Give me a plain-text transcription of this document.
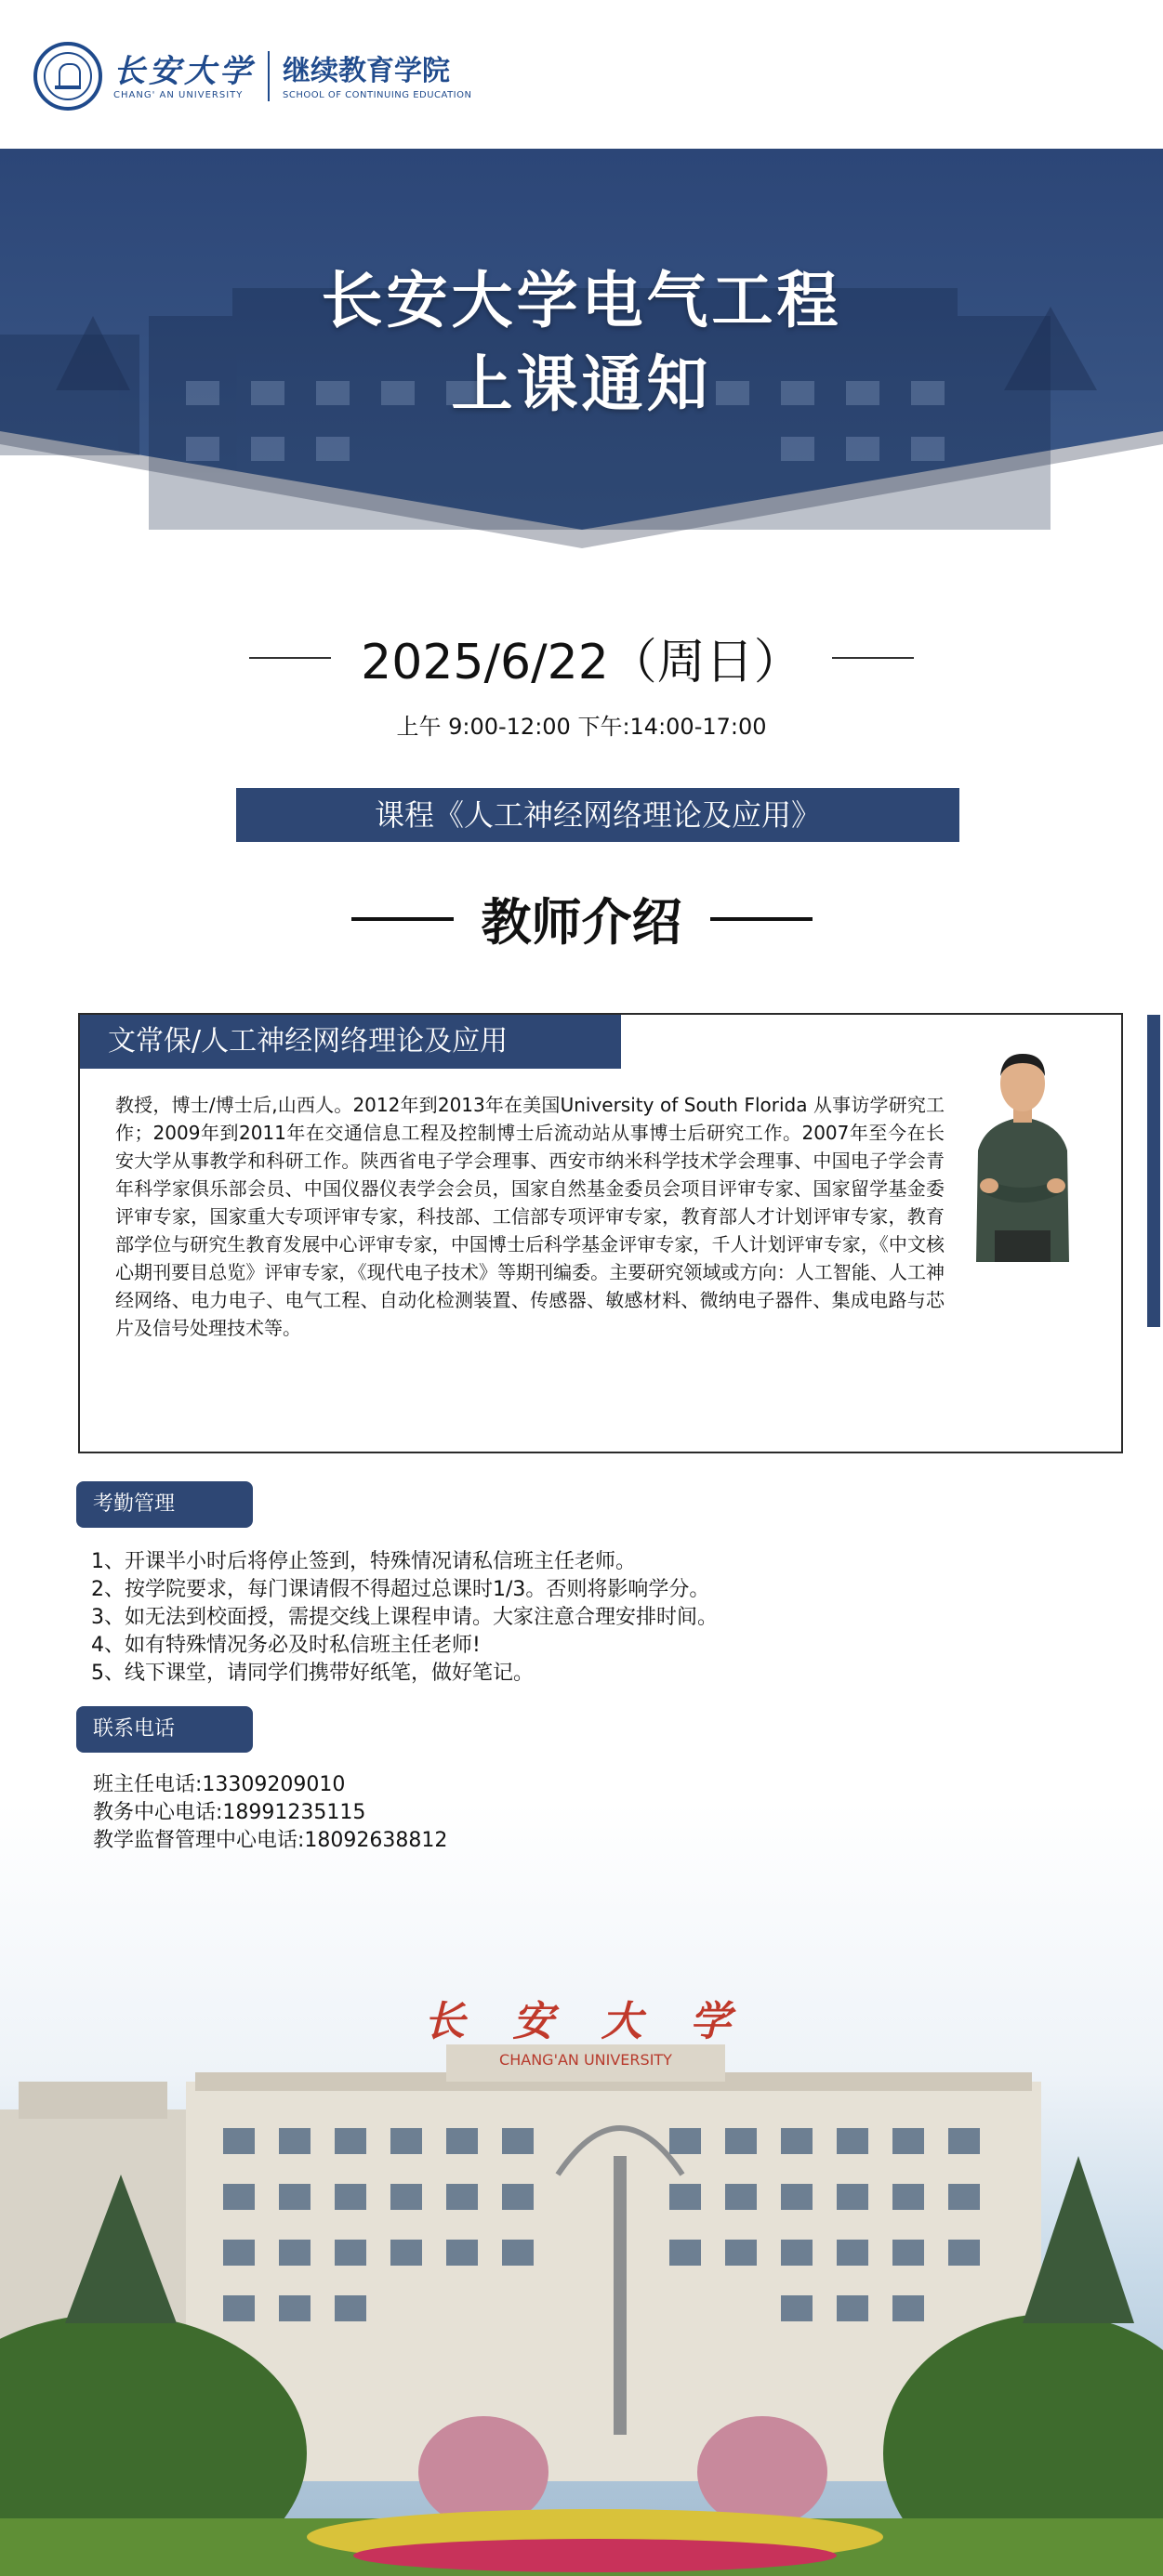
长安大学
CHANG' AN UNIVERSITY
继续教育学院
SCHOOL OF CONTINUING EDUCATION
长安大学电气工程
上课通知
2025/6/22（周日）
上午 9:00-12:00 下午:14:00-17:00
课程《人工神经网络理论及应用》
教师介绍
文常保/人工神经网络理论及应用
教授，博士/博士后,山西人。2012年到2013年在美国University of South Florida 从事访学研究工作；2009年到2011年在交通信息工程及控制博士后流动站从事博士后研究工作。2007年至今在长安大学从事教学和科研工作。陕西省电子学会理事、西安市纳米科学技术学会理事、中国电子学会青年科学家俱乐部会员、中国仪器仪表学会会员，国家自然基金委员会项目评审专家、国家留学基金委评审专家，国家重大专项评审专家，科技部、工信部专项评审专家，教育部人才计划评审专家，教育部学位与研究生教育发展中心评审专家，中国博士后科学基金评审专家，千人计划评审专家，《中文核心期刊要目总览》评审专家，《现代电子技术》等期刊编委。主要研究领域或方向：人工智能、人工神经网络、电力电子、电气工程、自动化检测装置、传感器、敏感材料、微纳电子器件、集成电路与芯片及信号处理技术等。
考勤管理
1、开课半小时后将停止签到，特殊情况请私信班主任老师。
2、按学院要求，每门课请假不得超过总课时1/3。否则将影响学分。
3、如无法到校面授，需提交线上课程申请。大家注意合理安排时间。
4、如有特殊情况务必及时私信班主任老师!
5、线下课堂，请同学们携带好纸笔，做好笔记。
CHANG'AN UNIVERSITY
长 安 大 学
联系电话
班主任电话:13309209010
教务中心电话:18991235115
教学监督管理中心电话:18092638812
